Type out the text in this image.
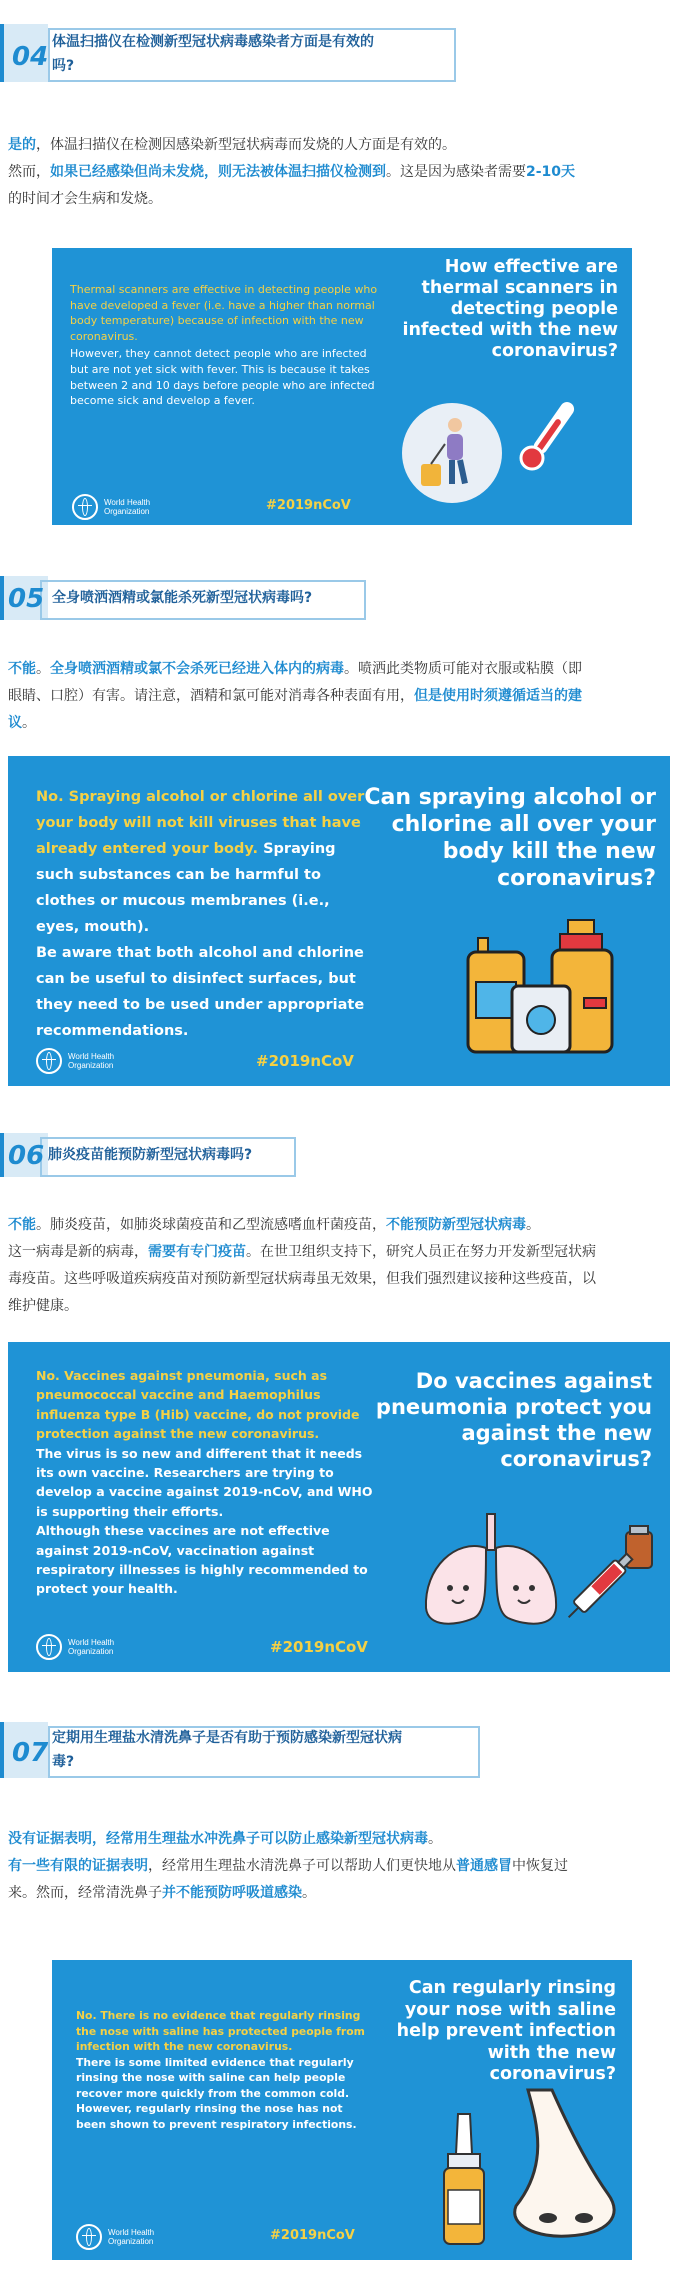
04 体温扫描仪在检测新型冠状病毒感染者方面是有效的
吗?
是的，体温扫描仪在检测因感染新型冠状病毒而发烧的人方面是有效的。
然而，如果已经感染但尚未发烧，则无法被体温扫描仪检测到。这是因为感染者需要2-10天
的时间才会生病和发烧。
Thermal scanners are effective in detecting people who have developed a fever (i.e. have a higher than normal body temperature) because of infection with the new coronavirus.
However, they cannot detect people who are infected but are not yet sick with fever. This is because it takes between 2 and 10 days before people who are infected become sick and develop a fever.
How effective are thermal scanners in detecting people infected with the new coronavirus?
World Health
Organization	#2019nCoV
05 全身喷洒酒精或氯能杀死新型冠状病毒吗?
不能。全身喷洒酒精或氯不会杀死已经进入体内的病毒。喷洒此类物质可能对衣服或粘膜（即
眼睛、口腔）有害。请注意，酒精和氯可能对消毒各种表面有用，但是使用时须遵循适当的建
议。
No. Spraying alcohol or chlorine all over your body will not kill viruses that have already entered your body. Spraying such substances can be harmful to clothes or mucous membranes (i.e., eyes, mouth).
Be aware that both alcohol and chlorine can be useful to disinfect surfaces, but they need to be used under appropriate recommendations.
Can spraying alcohol or chlorine all over your body kill the new coronavirus?
World Health
Organization	#2019nCoV
06 肺炎疫苗能预防新型冠状病毒吗?
不能。肺炎疫苗，如肺炎球菌疫苗和乙型流感嗜血杆菌疫苗，不能预防新型冠状病毒。
这一病毒是新的病毒，需要有专门疫苗。在世卫组织支持下，研究人员正在努力开发新型冠状病
毒疫苗。这些呼吸道疾病疫苗对预防新型冠状病毒虽无效果，但我们强烈建议接种这些疫苗，以
维护健康。
No. Vaccines against pneumonia, such as pneumococcal vaccine and Haemophilus influenza type B (Hib) vaccine, do not provide protection against the new coronavirus.
The virus is so new and different that it needs its own vaccine. Researchers are trying to develop a vaccine against 2019-nCoV, and WHO is supporting their efforts.
Although these vaccines are not effective against 2019-nCoV, vaccination against respiratory illnesses is highly recommended to protect your health.
Do vaccines against pneumonia protect you against the new coronavirus?
World Health
Organization	#2019nCoV
07 定期用生理盐水清洗鼻子是否有助于预防感染新型冠状病
毒?
没有证据表明，经常用生理盐水冲洗鼻子可以防止感染新型冠状病毒。
有一些有限的证据表明，经常用生理盐水清洗鼻子可以帮助人们更快地从普通感冒中恢复过
来。然而，经常清洗鼻子并不能预防呼吸道感染。
No. There is no evidence that regularly rinsing the nose with saline has protected people from infection with the new coronavirus.
There is some limited evidence that regularly rinsing the nose with saline can help people recover more quickly from the common cold. However, regularly rinsing the nose has not been shown to prevent respiratory infections.
Can regularly rinsing your nose with saline help prevent infection with the new coronavirus?
World Health
Organization	#2019nCoV
